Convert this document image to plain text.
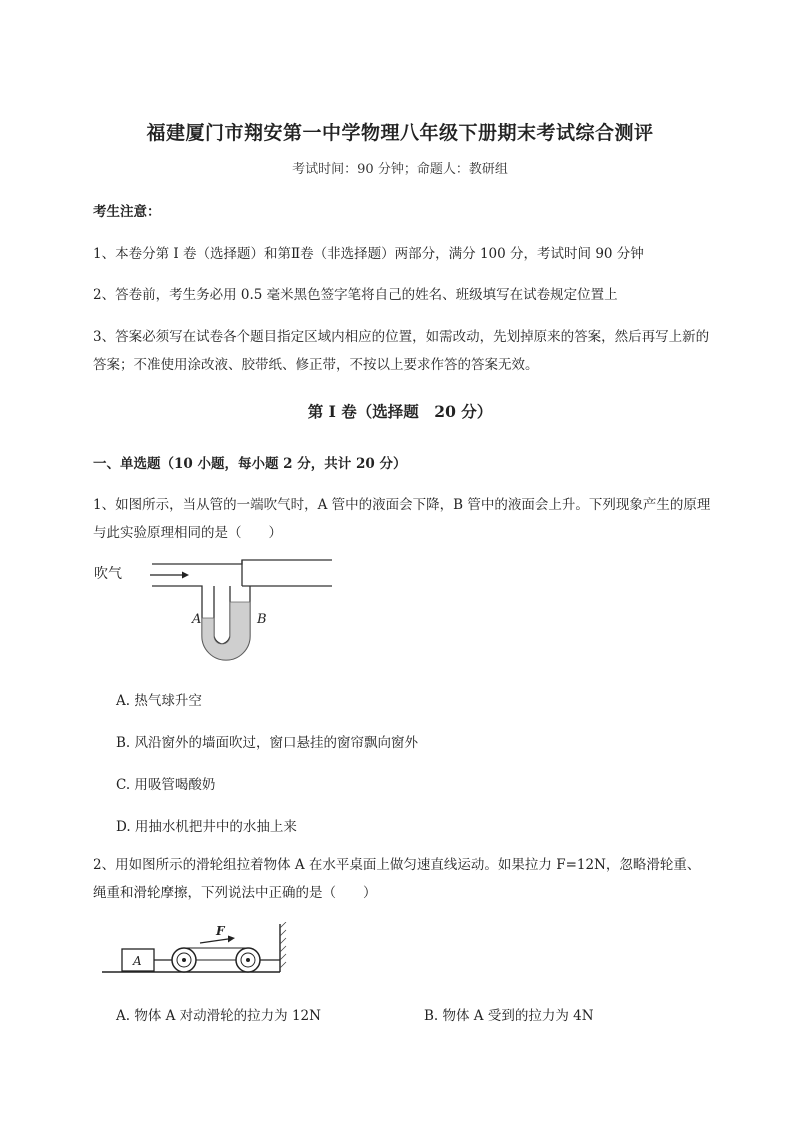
福建厦门市翔安第一中学物理八年级下册期末考试综合测评
考试时间：90 分钟；命题人：教研组
考生注意：
1、本卷分第 I 卷（选择题）和第Ⅱ卷（非选择题）两部分，满分 100 分，考试时间 90 分钟
2、答卷前，考生务必用 0.5 毫米黑色签字笔将自己的姓名、班级填写在试卷规定位置上
3、答案必须写在试卷各个题目指定区域内相应的位置，如需改动，先划掉原来的答案，然后再写上新的答案；不准使用涂改液、胶带纸、修正带，不按以上要求作答的答案无效。
第 I 卷（选择题　20 分）
一、单选题（10 小题，每小题 2 分，共计 20 分）
1、如图所示，当从管的一端吹气时，A 管中的液面会下降，B 管中的液面会上升。下列现象产生的原理与此实验原理相同的是（　　）
吹气
A	B
A. 热气球升空
B. 风沿窗外的墙面吹过，窗口悬挂的窗帘飘向窗外
C. 用吸管喝酸奶
D. 用抽水机把井中的水抽上来
2、用如图所示的滑轮组拉着物体 A 在水平桌面上做匀速直线运动。如果拉力 F=12N，忽略滑轮重、绳重和滑轮摩擦，下列说法中正确的是（　　）
A
F
A. 物体 A 对动滑轮的拉力为 12N	B. 物体 A 受到的拉力为 4N
